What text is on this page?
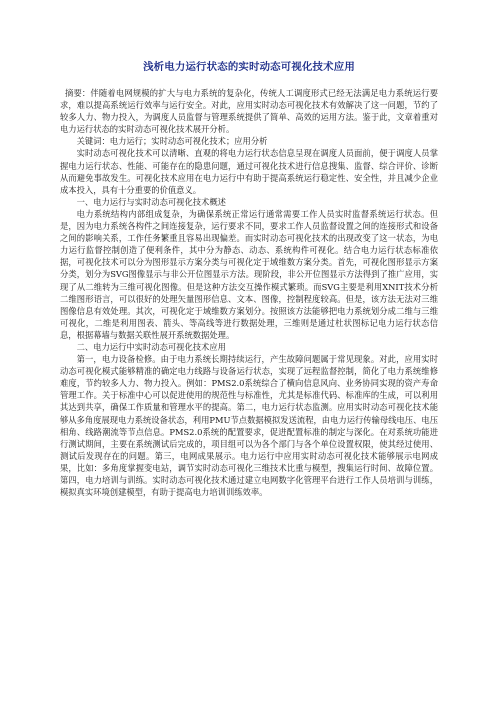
浅析电力运行状态的实时动态可视化技术应用

摘要：伴随着电网规模的扩大与电力系统的复杂化，传统人工调度形式已经无法满足电力系统运行要求，难以提高系统运行效率与运行安全。对此，应用实时动态可视化技术有效解决了这一问题，节约了较多人力、物力投入，为调度人员监督与管理系统提供了简单、高效的运用方法。鉴于此，文章着重对电力运行状态的实时动态可视化技术展开分析。

关键词：电力运行；实时动态可视化技术；应用分析

实时动态可视化技术可以清晰、直观的将电力运行状态信息呈现在调度人员面前，便于调度人员掌握电力运行状态、性能、可能存在的隐患问题，通过可视化技术进行信息搜集、监督、综合评价、诊断从而避免事故发生。可视化技术应用在电力运行中有助于提高系统运行稳定性、安全性，并且减少企业成本投入，具有十分重要的价值意义。

一、电力运行与实时动态可视化技术概述

电力系统结构内部组成复杂，为确保系统正常运行通常需要工作人员实时监督系统运行状态。但是，因为电力系统各构件之间连接复杂，运行要求不同，要求工作人员监督设置之间的连接形式和设备之间的影响关系，工作任务繁重且容易出现偏差。而实时动态可视化技术的出现改变了这一状态，为电力运行监督控制创造了便利条件，其中分为静态、动态、系统构件可视化。结合电力运行状态标准依据，可视化技术可以分为图形显示方案分类与可视化定于域维数方案分类。首先，可视化图形显示方案分类，划分为SVG图像显示与非公开位图显示方法。现阶段，非公开位图显示方法得到了推广应用，实现了从二维转为三维可视化图像。但是这种方法交互操作模式繁琐。而SVG主要是利用XNIT技术分析二维图形语言，可以很好的处理矢量图形信息、文本、图像，控制程度较高。但是，该方法无法对三维图像信息有效处理。其次，可视化定于域维数方案划分。按照该方法能够把电力系统划分成二维与三维可视化，二维是利用图表、箭头、等高线等进行数据处理，三维则是通过杜状图标记电力运行状态信息，根据幕墙与数据关联性展开系统数据处理。

二、电力运行中实时动态可视化技术应用

第一，电力设备检修。由于电力系统长期持续运行，产生故障问题属于常见现象。对此，应用实时动态可视化模式能够精准的确定电力线路与设备运行状态，实现了远程监督控制，简化了电力系统维修难度，节约较多人力、物力投入。例如：PMS2.0系统综合了横向信息风向、业务协同实现的资产寿命管理工作。关于标准中心可以促进使用的规范性与标准性，尤其是标准代码、标准库的生成，可以利用其达到共享，确保工作质量和管理水平的提高。第二，电力运行状态监测。应用实时动态可视化技术能够从多角度展现电力系统设备状态，利用PMU节点数据模拟发送流程，由电力运行传输母线电压、电压相角、线路潮流等节点信息。PMS2.0系统的配置要求，促进配置标准的制定与深化。在对系统功能进行测试期间，主要在系统测试后完成的，项目组可以为各个部门与各个单位设置权限，使其经过使用、测试后发现存在的问题。第三，电网成果展示。电力运行中应用实时动态可视化技术能够展示电网成果，比如：多角度掌握变电站，调节实时动态可视化三维技术比重与模型，搜集运行时间、故障位置。第四，电力培训与训练。实时动态可视化技术通过建立电网数字化管理平台进行工作人员培训与训练，模拟真实环境创建模型，有助于提高电力培训训练效率。
